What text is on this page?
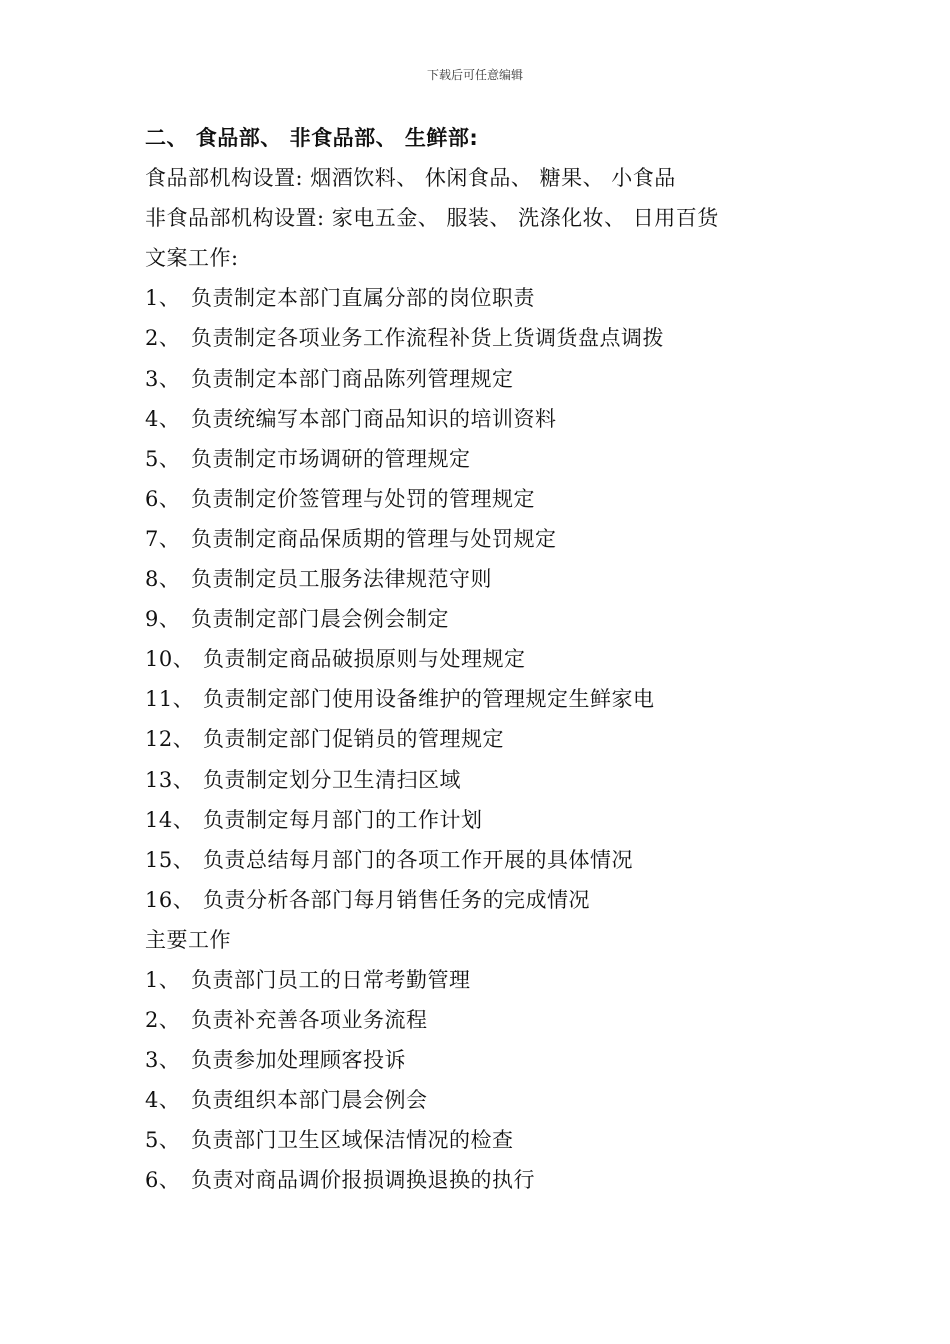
下载后可任意编辑
二、 食品部、 非食品部、 生鲜部:
食品部机构设置: 烟酒饮料、 休闲食品、 糖果、 小食品
非食品部机构设置: 家电五金、 服装、 洗涤化妆、 日用百货
文案工作:
1、 负责制定本部门直属分部的岗位职责
2、 负责制定各项业务工作流程补货上货调货盘点调拨
3、 负责制定本部门商品陈列管理规定
4、 负责统编写本部门商品知识的培训资料
5、 负责制定市场调研的管理规定
6、 负责制定价签管理与处罚的管理规定
7、 负责制定商品保质期的管理与处罚规定
8、 负责制定员工服务法律规范守则
9、 负责制定部门晨会例会制定
10、 负责制定商品破损原则与处理规定
11、 负责制定部门使用设备维护的管理规定生鲜家电
12、 负责制定部门促销员的管理规定
13、 负责制定划分卫生清扫区域
14、 负责制定每月部门的工作计划
15、 负责总结每月部门的各项工作开展的具体情况
16、 负责分析各部门每月销售任务的完成情况
主要工作
1、 负责部门员工的日常考勤管理
2、 负责补充善各项业务流程
3、 负责参加处理顾客投诉
4、 负责组织本部门晨会例会
5、 负责部门卫生区域保洁情况的检查
6、 负责对商品调价报损调换退换的执行
